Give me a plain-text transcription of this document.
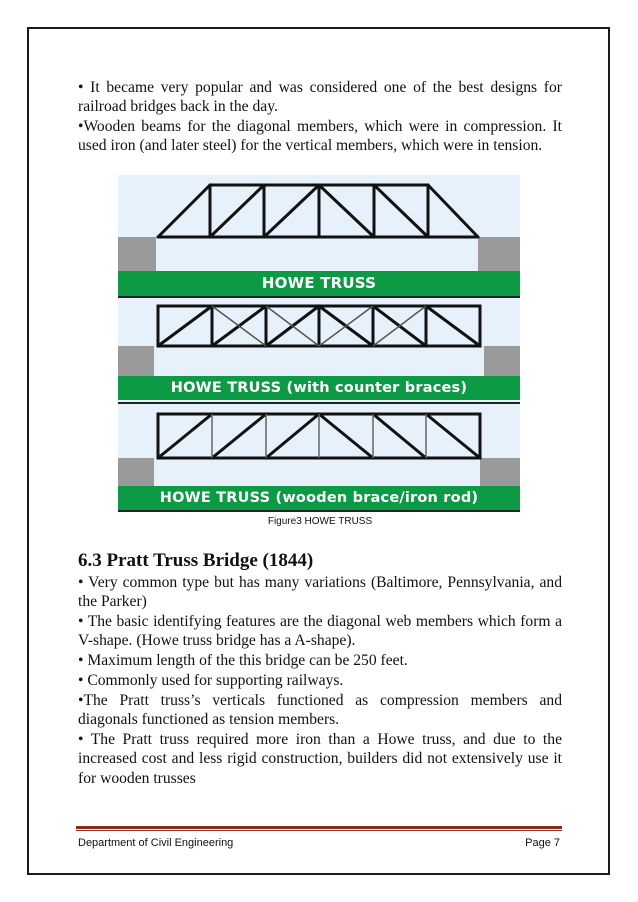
• It became very popular and was considered one of the best designs for railroad bridges back in the day.

•Wooden beams for the diagonal members, which were in compression. It used iron (and later steel) for the vertical members, which were in tension.

HOWE TRUSS
HOWE TRUSS (with counter braces)
HOWE TRUSS (wooden brace/iron rod)
Figure3 HOWE TRUSS
6.3 Pratt Truss Bridge (1844)

• Very common type but has many variations (Baltimore, Pennsylvania, and the Parker)

• The basic identifying features are the diagonal web members which form a V-shape. (Howe truss bridge has a A-shape).

• Maximum length of the this bridge can be 250 feet.

• Commonly used for supporting railways.

•The Pratt truss’s verticals functioned as compression members and diagonals functioned as tension members.

• The Pratt truss required more iron than a Howe truss, and due to the increased cost and less rigid construction, builders did not extensively use it for wooden trusses

Department of Civil Engineering	Page 7
